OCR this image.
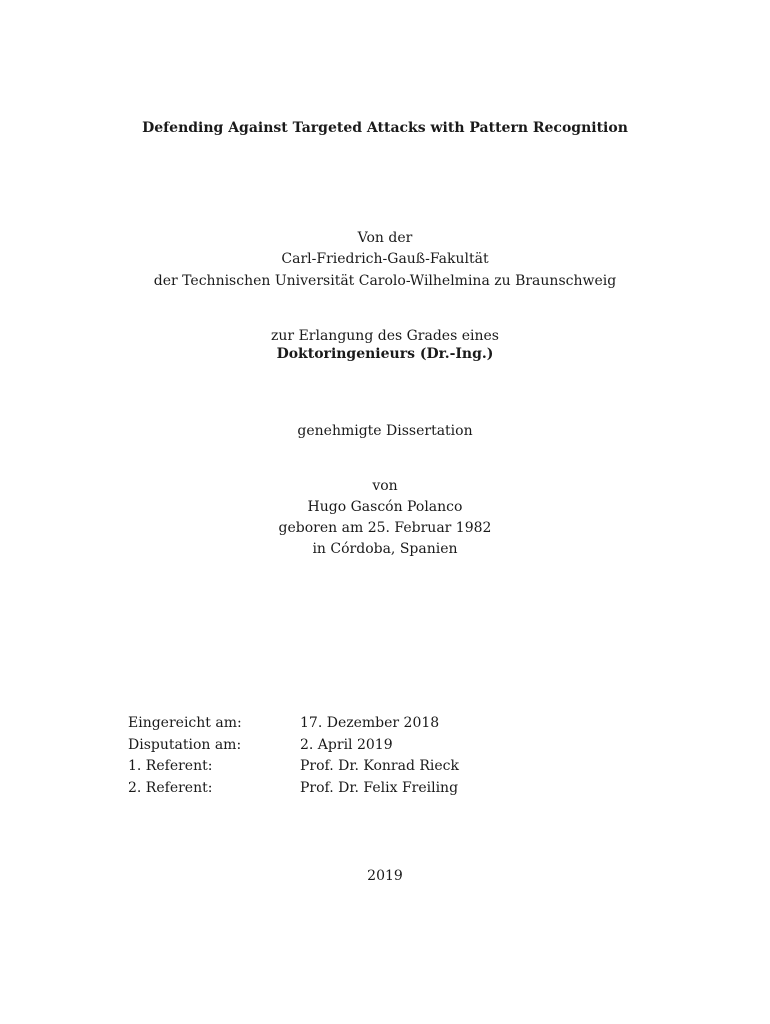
Defending Against Targeted Attacks with Pattern Recognition
Von der
Carl-Friedrich-Gauß-Fakultät
der Technischen Universität Carolo-Wilhelmina zu Braunschweig
zur Erlangung des Grades eines
Doktoringenieurs (Dr.-Ing.)
genehmigte Dissertation
von
Hugo Gascón Polanco
geboren am 25. Februar 1982
in Córdoba, Spanien
Eingereicht am:	17. Dezember 2018
Disputation am:	2. April 2019
1. Referent:	Prof. Dr. Konrad Rieck
2. Referent:	Prof. Dr. Felix Freiling
2019
